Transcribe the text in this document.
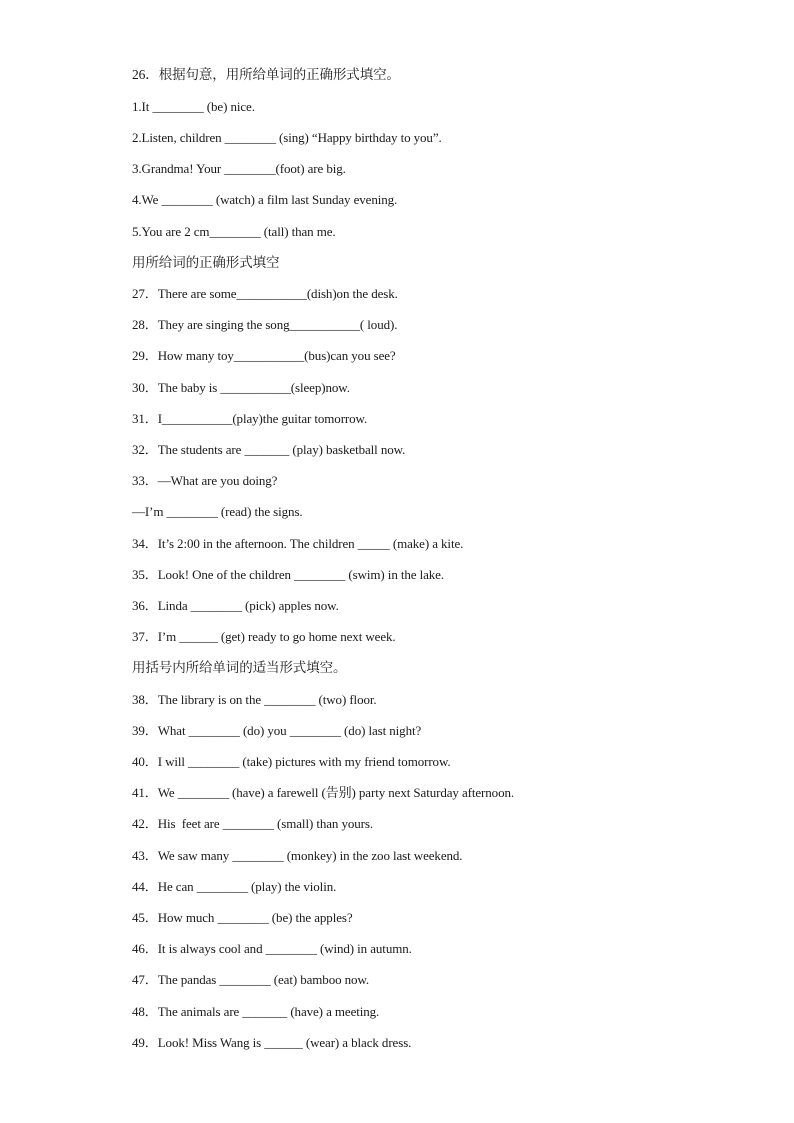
26．根据句意，用所给单词的正确形式填空。
1.It ________ (be) nice.
2.Listen, children ________ (sing) “Happy birthday to you”.
3.Grandma! Your ________(foot) are big.
4.We ________ (watch) a film last Sunday evening.
5.You are 2 cm________ (tall) than me.
用所给词的正确形式填空
27．There are some___________(dish)on the desk.
28．They are singing the song___________( loud).
29．How many toy___________(bus)can you see?
30．The baby is ___________(sleep)now.
31．I___________(play)the guitar tomorrow.
32．The students are _______ (play) basketball now.
33．—What are you doing?
—I’m ________ (read) the signs.
34．It’s 2:00 in the afternoon. The children _____ (make) a kite.
35．Look! One of the children ________ (swim) in the lake.
36．Linda ________ (pick) apples now.
37．I’m ______ (get) ready to go home next week.
用括号内所给单词的适当形式填空。
38．The library is on the ________ (two) floor.
39．What ________ (do) you ________ (do) last night?
40．I will ________ (take) pictures with my friend tomorrow.
41．We ________ (have) a farewell (告别) party next Saturday afternoon.
42．His  feet are ________ (small) than yours.
43．We saw many ________ (monkey) in the zoo last weekend.
44．He can ________ (play) the violin.
45．How much ________ (be) the apples?
46．It is always cool and ________ (wind) in autumn.
47．The pandas ________ (eat) bamboo now.
48．The animals are _______ (have) a meeting.
49．Look! Miss Wang is ______ (wear) a black dress.
